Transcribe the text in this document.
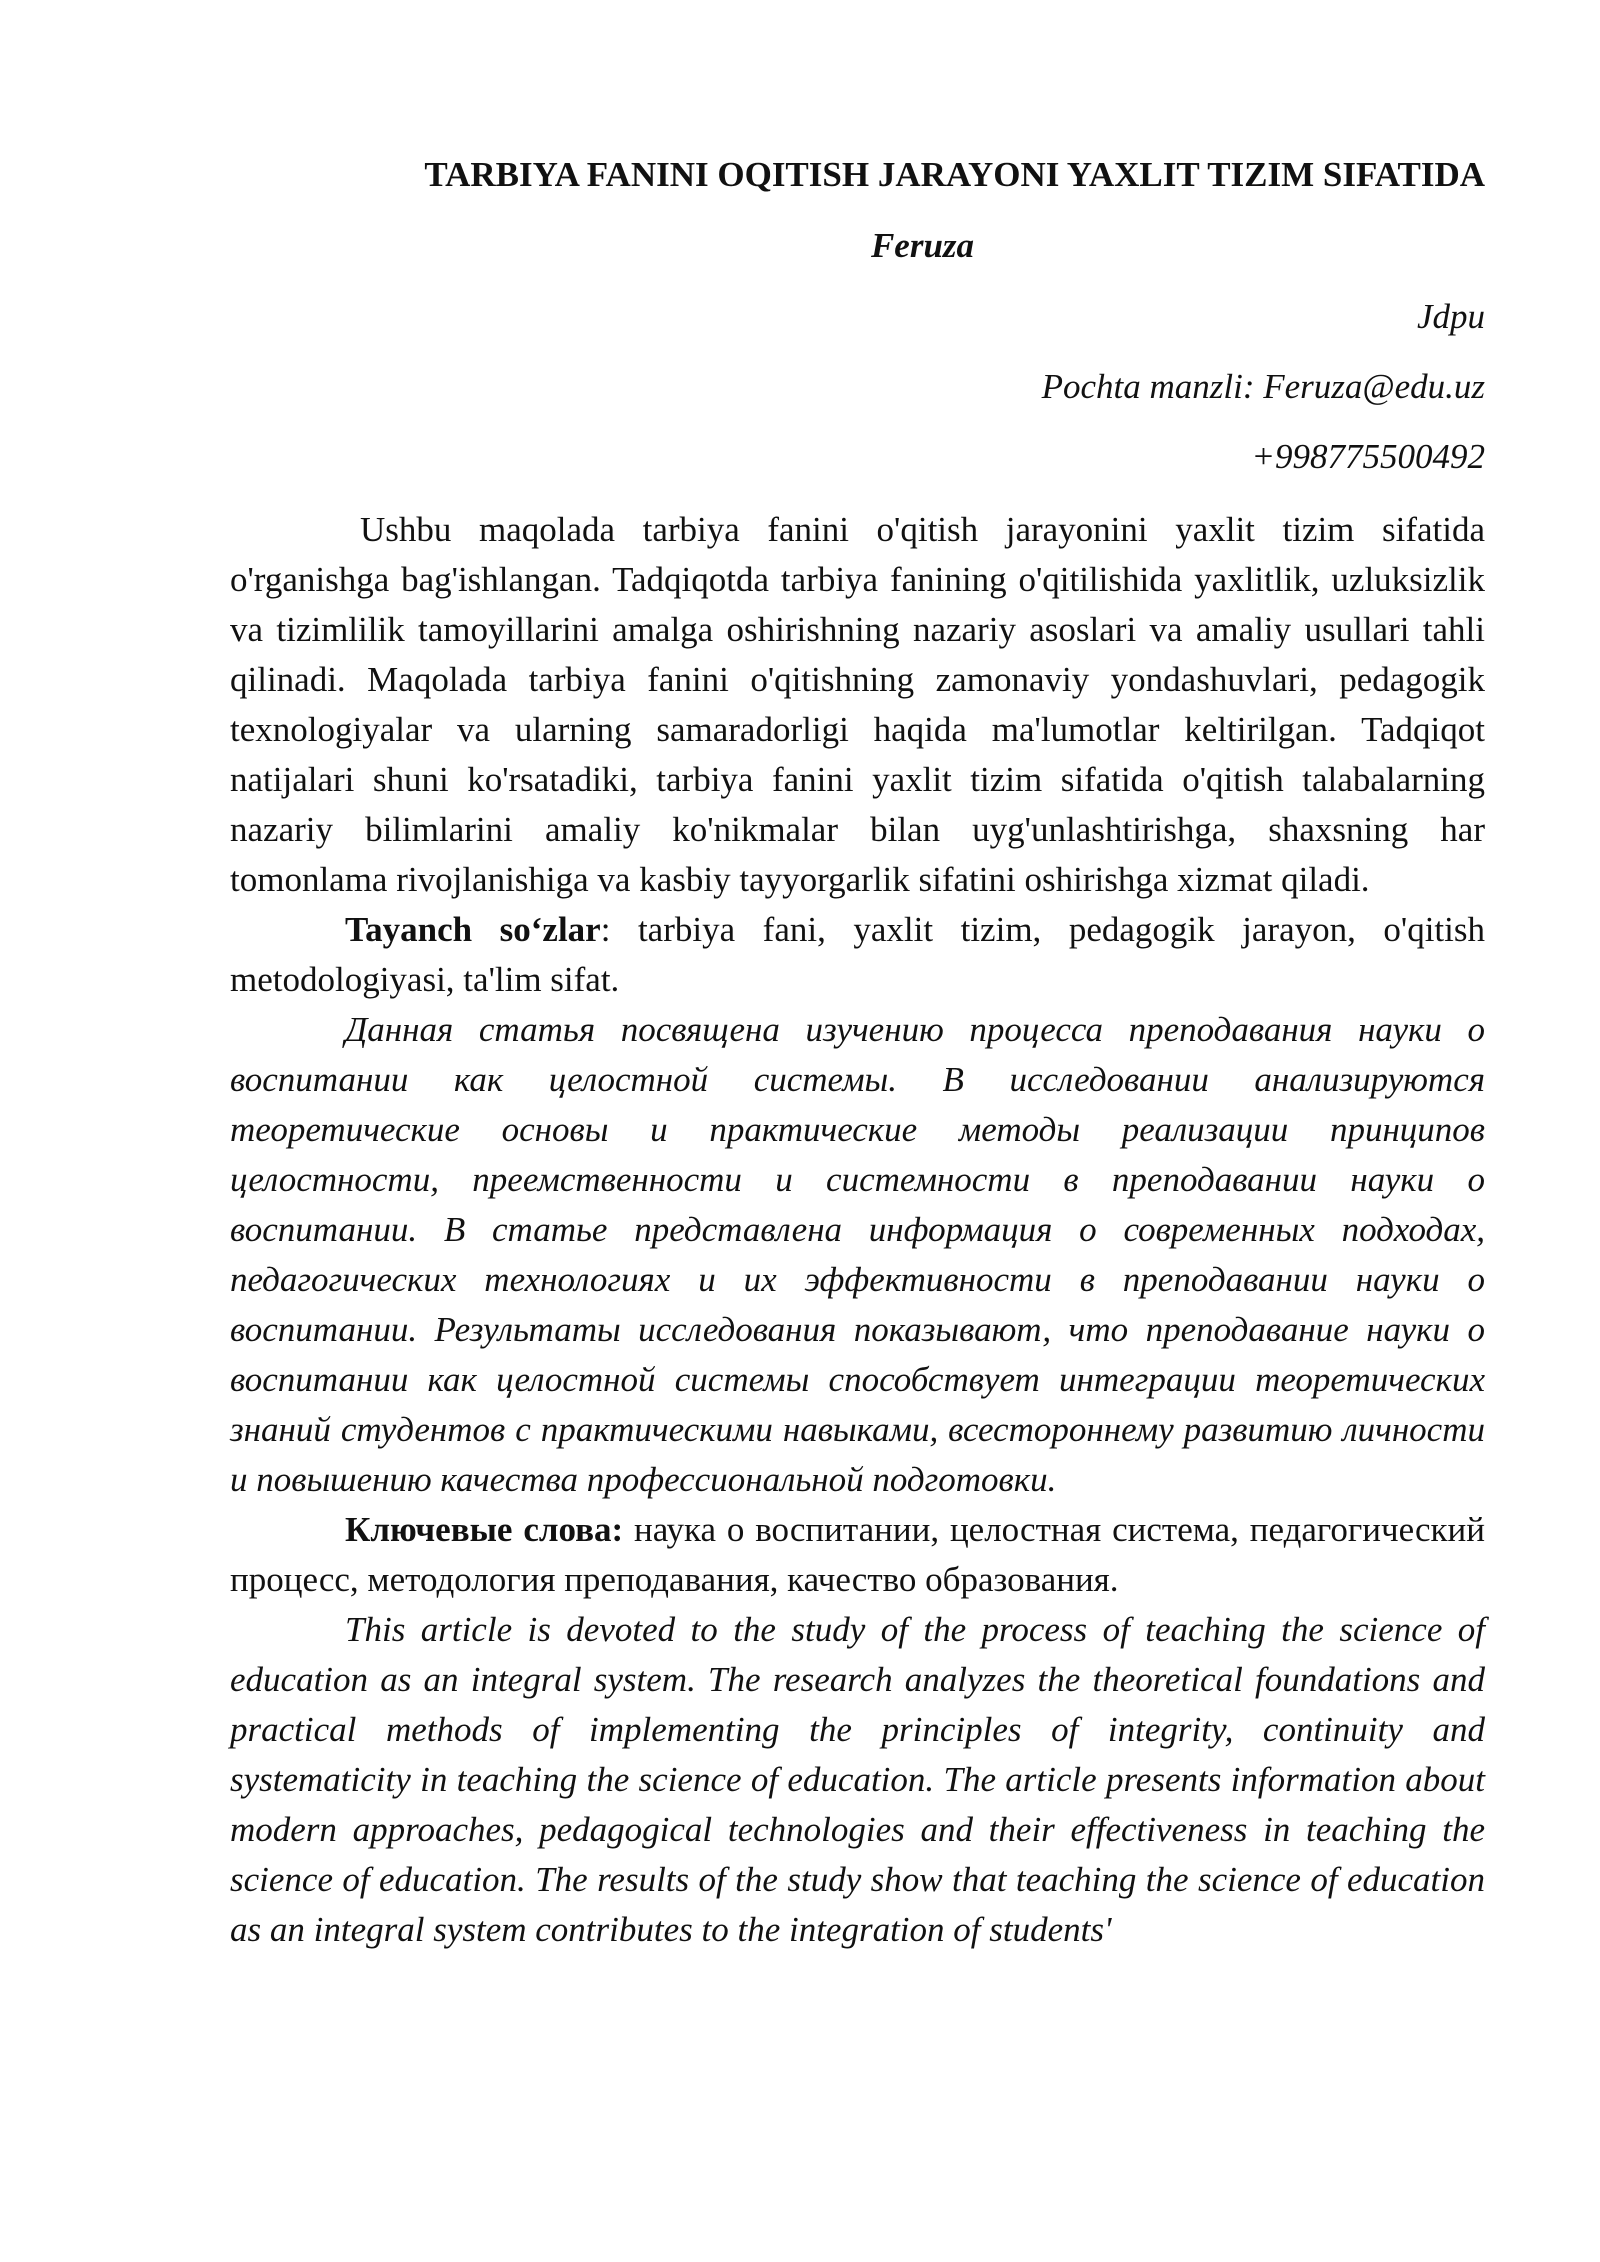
TARBIYA FANINI OQITISH JARAYONI YAXLIT TIZIM SIFATIDA

Feruza

Jdpu

Pochta manzli: Feruza@edu.uz

+998775500492

Ushbu maqolada tarbiya fanini o'qitish jarayonini yaxlit tizim sifatida o'rganishga bag'ishlangan. Tadqiqotda tarbiya fanining o'qitilishida yaxlitlik, uzluksizlik va tizimlilik tamoyillarini amalga oshirishning nazariy asoslari va amaliy usullari tahli qilinadi. Maqolada tarbiya fanini o'qitishning zamonaviy yondashuvlari, pedagogik texnologiyalar va ularning samaradorligi haqida ma'lumotlar keltirilgan. Tadqiqot natijalari shuni ko'rsatadiki, tarbiya fanini yaxlit tizim sifatida o'qitish talabalarning nazariy bilimlarini amaliy ko'nikmalar bilan uyg'unlashtirishga, shaxsning har tomonlama rivojlanishiga va kasbiy tayyorgarlik sifatini oshirishga xizmat qiladi.

Tayanch so‘zlar: tarbiya fani, yaxlit tizim, pedagogik jarayon, o'qitish metodologiyasi, ta'lim sifat.

Данная статья посвящена изучению процесса преподавания науки о воспитании как целостной системы. В исследовании анализируются теоретические основы и практические методы реализации принципов целостности, преемственности и системности в преподавании науки о воспитании. В статье представлена информация о современных подходах, педагогических технологиях и их эффективности в преподавании науки о воспитании. Результаты исследования показывают, что преподавание науки о воспитании как целостной системы способствует интеграции теоретических знаний студентов с практическими навыками, всестороннему развитию личности и повышению качества профессиональной подготовки.

Ключевые слова: наука о воспитании, целостная система, педагогический процесс, методология преподавания, качество образования.

This article is devoted to the study of the process of teaching the science of education as an integral system. The research analyzes the theoretical foundations and practical methods of implementing the principles of integrity, continuity and systematicity in teaching the science of education. The article presents information about modern approaches, pedagogical technologies and their effectiveness in teaching the science of education. The results of the study show that teaching the science of education as an integral system contributes to the integration of students'
